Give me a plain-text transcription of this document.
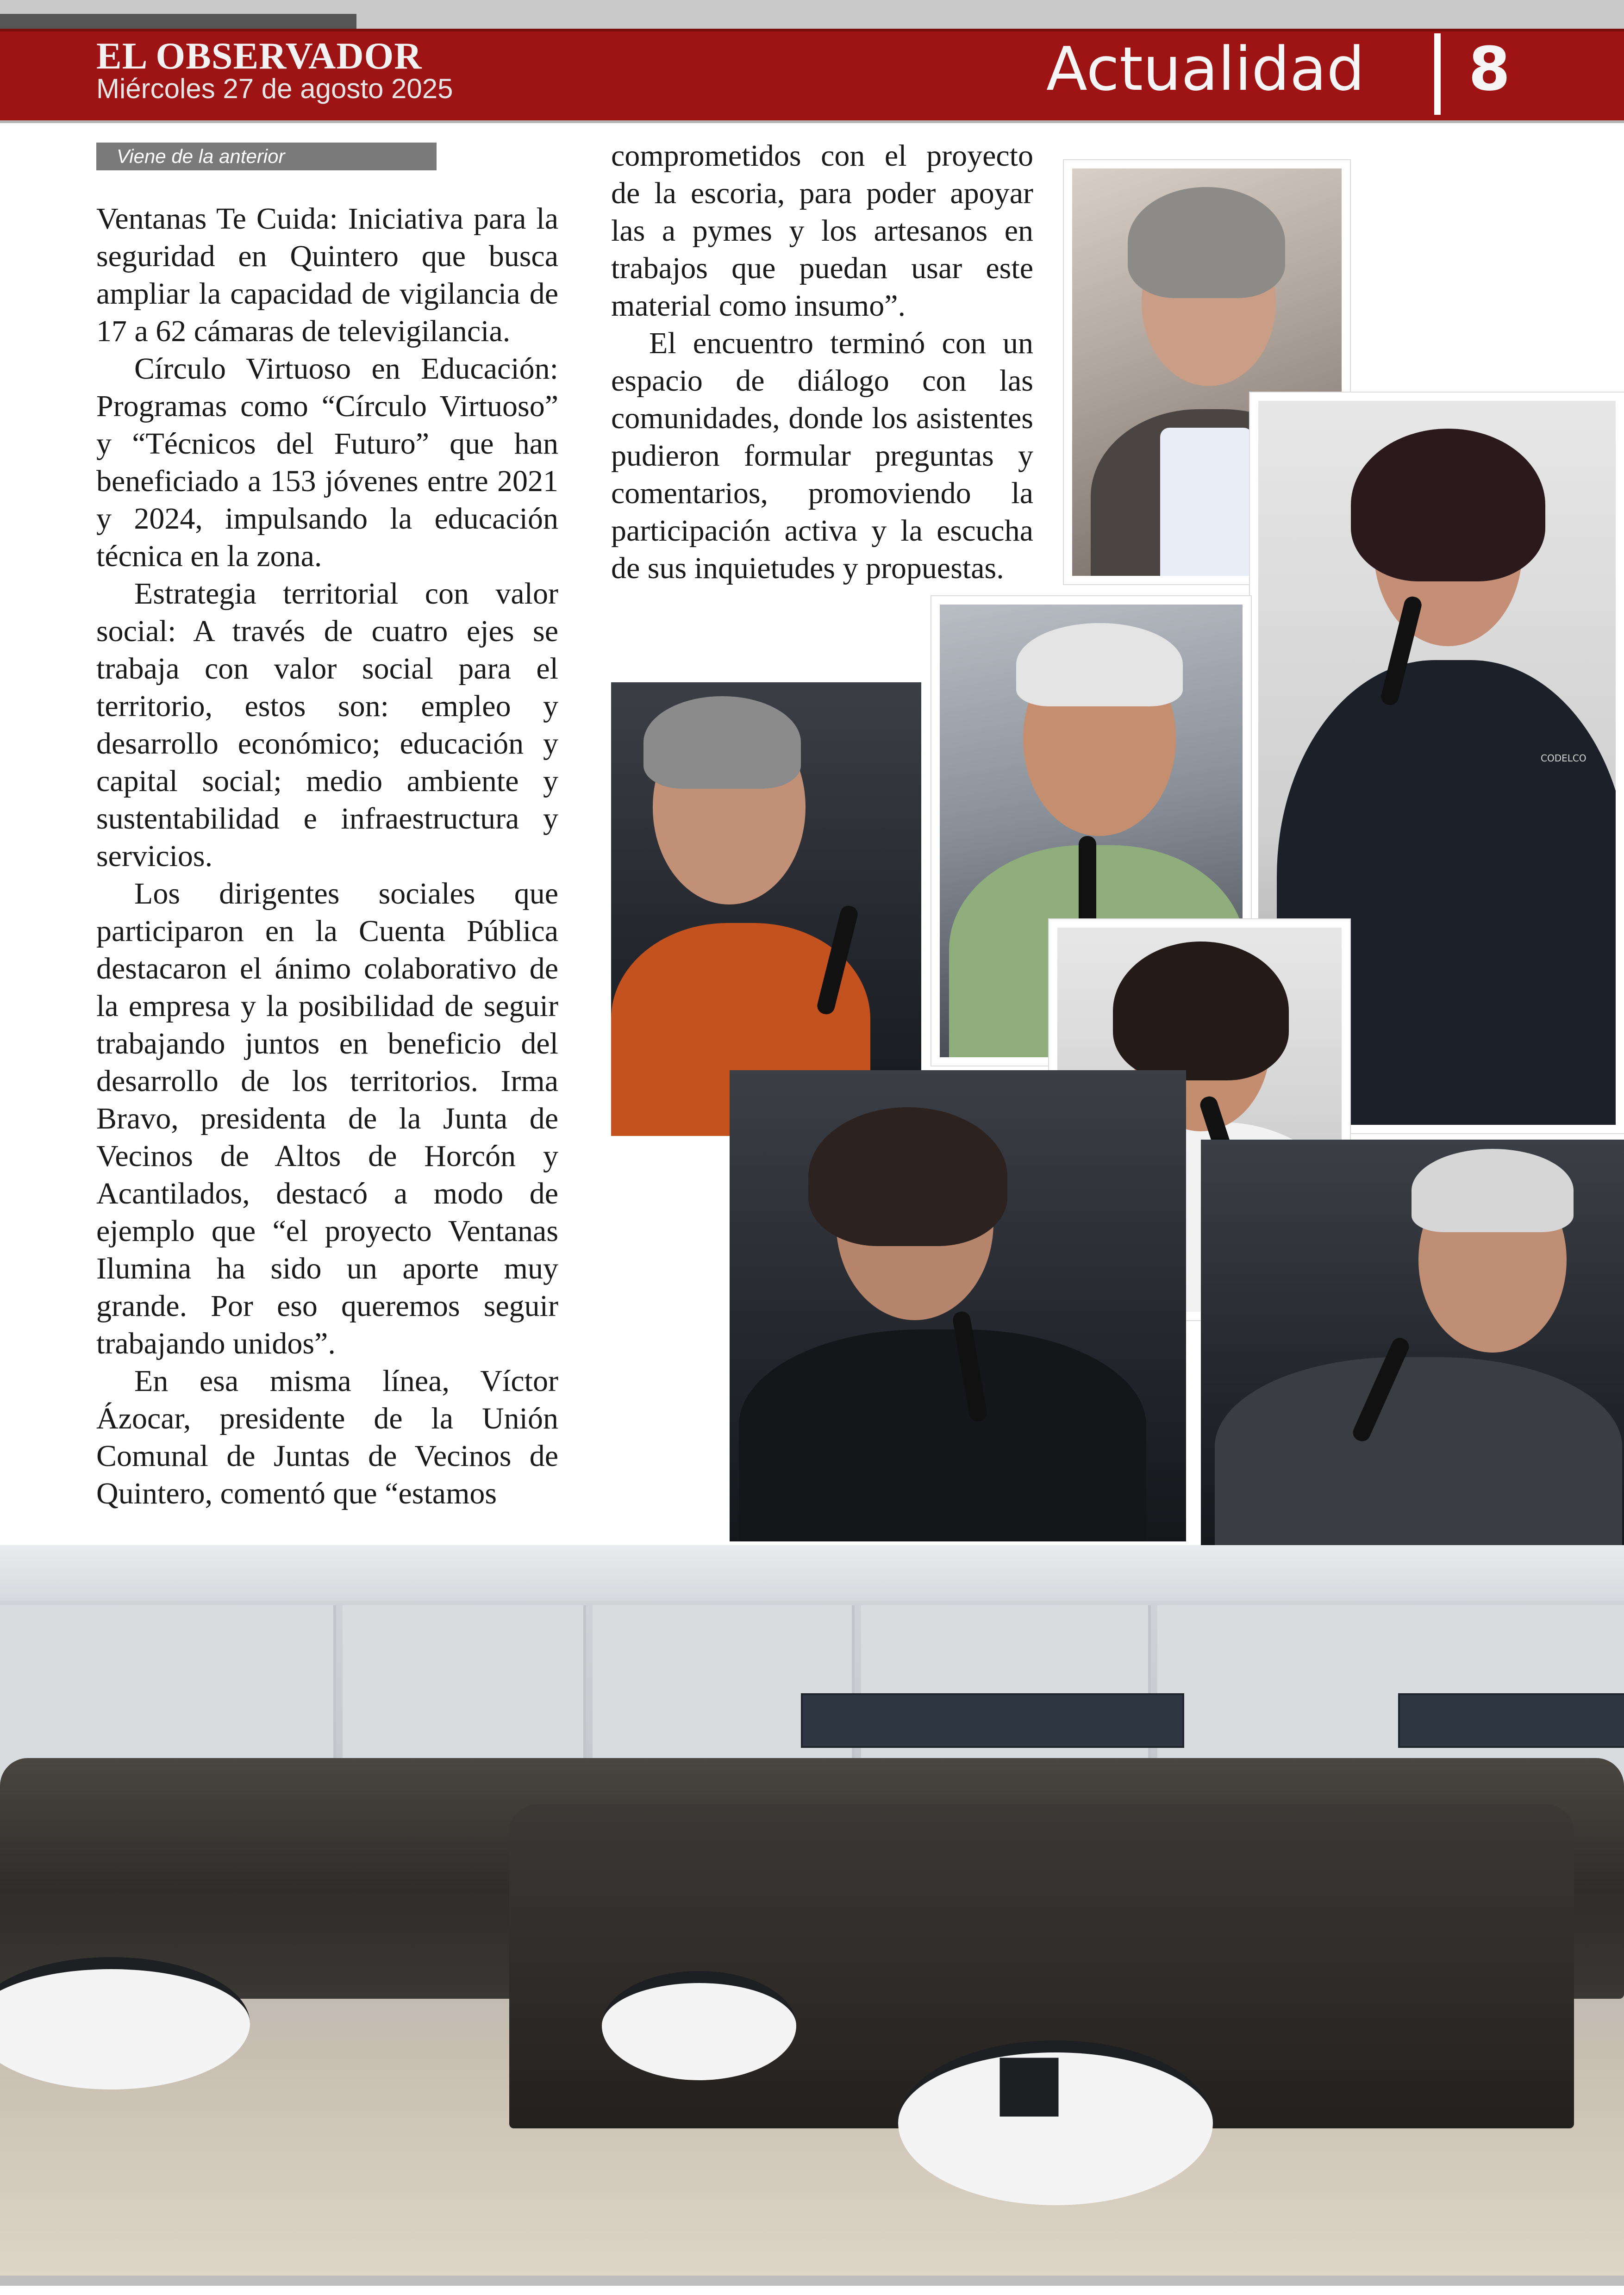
EL OBSERVADOR
Miércoles 27 de agosto 2025	Actualidad 8
Viene de la anterior

Ventanas Te Cuida: Iniciativa para la seguridad en Quintero que busca ampliar la capacidad de vigilancia de 17 a 62 cámaras de televigilancia.

Círculo Virtuoso en Educación: Programas como “Círculo Virtuoso” y “Técnicos del Futuro” que han beneficiado a 153 jóvenes entre 2021 y 2024, impulsando la educación técnica en la zona.

Estrategia territorial con valor social: A través de cuatro ejes se trabaja con valor social para el territorio, estos son: empleo y desarrollo económico; educación y capital social; medio ambiente y sustentabilidad e infraestructura y servicios.

Los dirigentes sociales que participaron en la Cuenta Pública destacaron el ánimo colaborativo de la empresa y la posibilidad de seguir trabajando juntos en beneficio del desarrollo de los territorios. Irma Bravo, presidenta de la Junta de Vecinos de Altos de Horcón y Acantilados, destacó a modo de ejemplo que “el proyecto Ventanas Ilumina ha sido un aporte muy grande. Por eso queremos seguir trabajando unidos”.

En esa misma línea, Víctor Ázocar, presidente de la Unión Comunal de Juntas de Vecinos de Quintero, comentó que “estamos

comprometidos con el proyecto de la escoria, para poder apoyar las a pymes y los artesanos en trabajos que puedan usar este material como insumo”.

El encuentro terminó con un espacio de diálogo con las comunidades, donde los asistentes pudieron formular preguntas y comentarios, promoviendo la participación activa y la escucha de sus inquietudes y propuestas.

CODELCO
